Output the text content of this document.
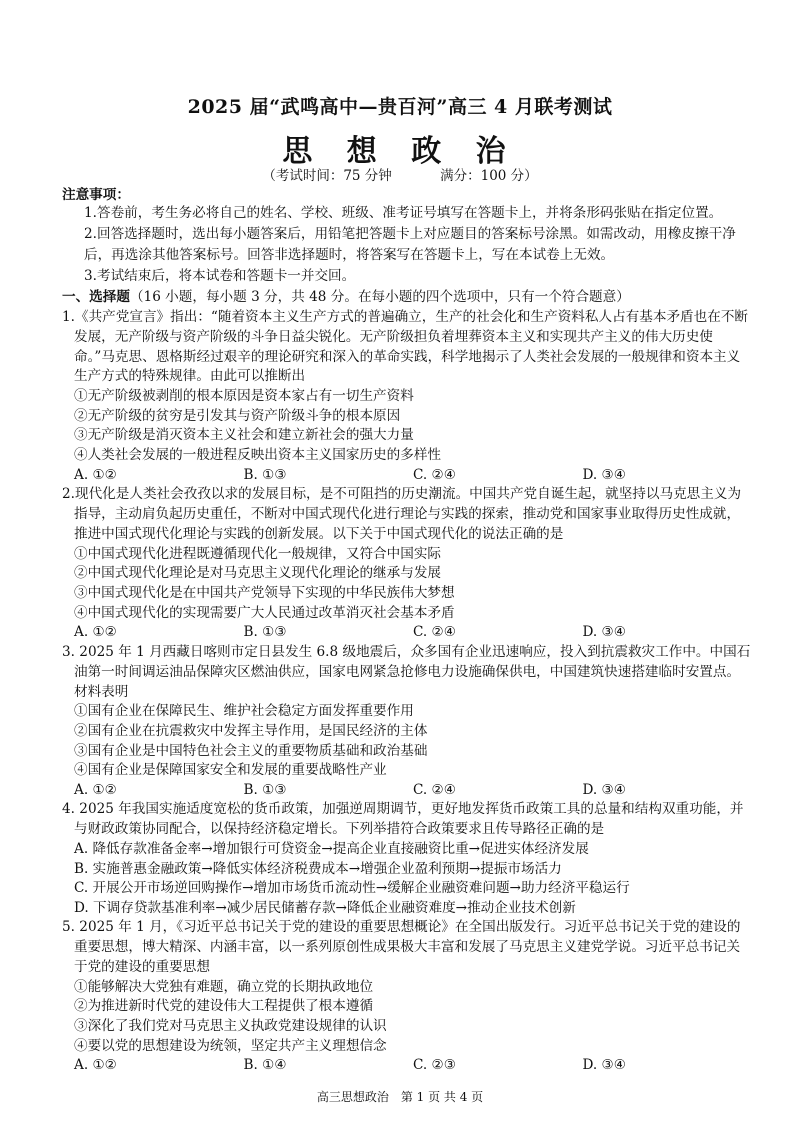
2025 届“武鸣高中—贵百河”高三 4 月联考测试
思 想 政 治
（考试时间：75 分钟	满分：100 分）
注意事项：
1.答卷前，考生务必将自己的姓名、学校、班级、准考证号填写在答题卡上，并将条形码张贴在指定位置。
2.回答选择题时，选出每小题答案后，用铅笔把答题卡上对应题目的答案标号涂黑。如需改动，用橡皮擦干净后，再选涂其他答案标号。回答非选择题时，将答案写在答题卡上，写在本试卷上无效。
3.考试结束后，将本试卷和答题卡一并交回。
一、选择题（16 小题，每小题 3 分，共 48 分。在每小题的四个选项中，只有一个符合题意）
1.《共产党宣言》指出：“随着资本主义生产方式的普遍确立，生产的社会化和生产资料私人占有基本矛盾也在不断发展，无产阶级与资产阶级的斗争日益尖锐化。无产阶级担负着埋葬资本主义和实现共产主义的伟大历史使命。”马克思、恩格斯经过艰辛的理论研究和深入的革命实践，科学地揭示了人类社会发展的一般规律和资本主义生产方式的特殊规律。由此可以推断出
①无产阶级被剥削的根本原因是资本家占有一切生产资料
②无产阶级的贫穷是引发其与资产阶级斗争的根本原因
③无产阶级是消灭资本主义社会和建立新社会的强大力量
④人类社会发展的一般进程反映出资本主义国家历史的多样性
A. ①②	B. ①③	C. ②④	D. ③④
2.现代化是人类社会孜孜以求的发展目标，是不可阻挡的历史潮流。中国共产党自诞生起，就坚持以马克思主义为指导，主动肩负起历史重任，不断对中国式现代化进行理论与实践的探索，推动党和国家事业取得历史性成就，推进中国式现代化理论与实践的创新发展。以下关于中国式现代化的说法正确的是
①中国式现代化进程既遵循现代化一般规律，又符合中国实际
②中国式现代化理论是对马克思主义现代化理论的继承与发展
③中国式现代化是在中国共产党领导下实现的中华民族伟大梦想
④中国式现代化的实现需要广大人民通过改革消灭社会基本矛盾
A. ①②	B. ①③	C. ②④	D. ③④
3. 2025 年 1 月西藏日喀则市定日县发生 6.8 级地震后，众多国有企业迅速响应，投入到抗震救灾工作中。中国石油第一时间调运油品保障灾区燃油供应，国家电网紧急抢修电力设施确保供电，中国建筑快速搭建临时安置点。材料表明
①国有企业在保障民生、维护社会稳定方面发挥重要作用
②国有企业在抗震救灾中发挥主导作用，是国民经济的主体
③国有企业是中国特色社会主义的重要物质基础和政治基础
④国有企业是保障国家安全和发展的重要战略性产业
A. ①②	B. ①③	C. ②④	D. ③④
4. 2025 年我国实施适度宽松的货币政策，加强逆周期调节，更好地发挥货币政策工具的总量和结构双重功能，并与财政政策协同配合，以保持经济稳定增长。下列举措符合政策要求且传导路径正确的是
A. 降低存款准备金率→增加银行可贷资金→提高企业直接融资比重→促进实体经济发展
B. 实施普惠金融政策→降低实体经济税费成本→增强企业盈利预期→提振市场活力
C. 开展公开市场逆回购操作→增加市场货币流动性→缓解企业融资难问题→助力经济平稳运行
D. 下调存贷款基准利率→减少居民储蓄存款→降低企业融资难度→推动企业技术创新
5. 2025 年 1 月，《习近平总书记关于党的建设的重要思想概论》在全国出版发行。习近平总书记关于党的建设的重要思想，博大精深、内涵丰富，以一系列原创性成果极大丰富和发展了马克思主义建党学说。习近平总书记关于党的建设的重要思想
①能够解决大党独有难题，确立党的长期执政地位
②为推进新时代党的建设伟大工程提供了根本遵循
③深化了我们党对马克思主义执政党建设规律的认识
④要以党的思想建设为统领，坚定共产主义理想信念
A. ①②	B. ①④	C. ②③	D. ③④
高三思想政治　第 1 页 共 4 页
